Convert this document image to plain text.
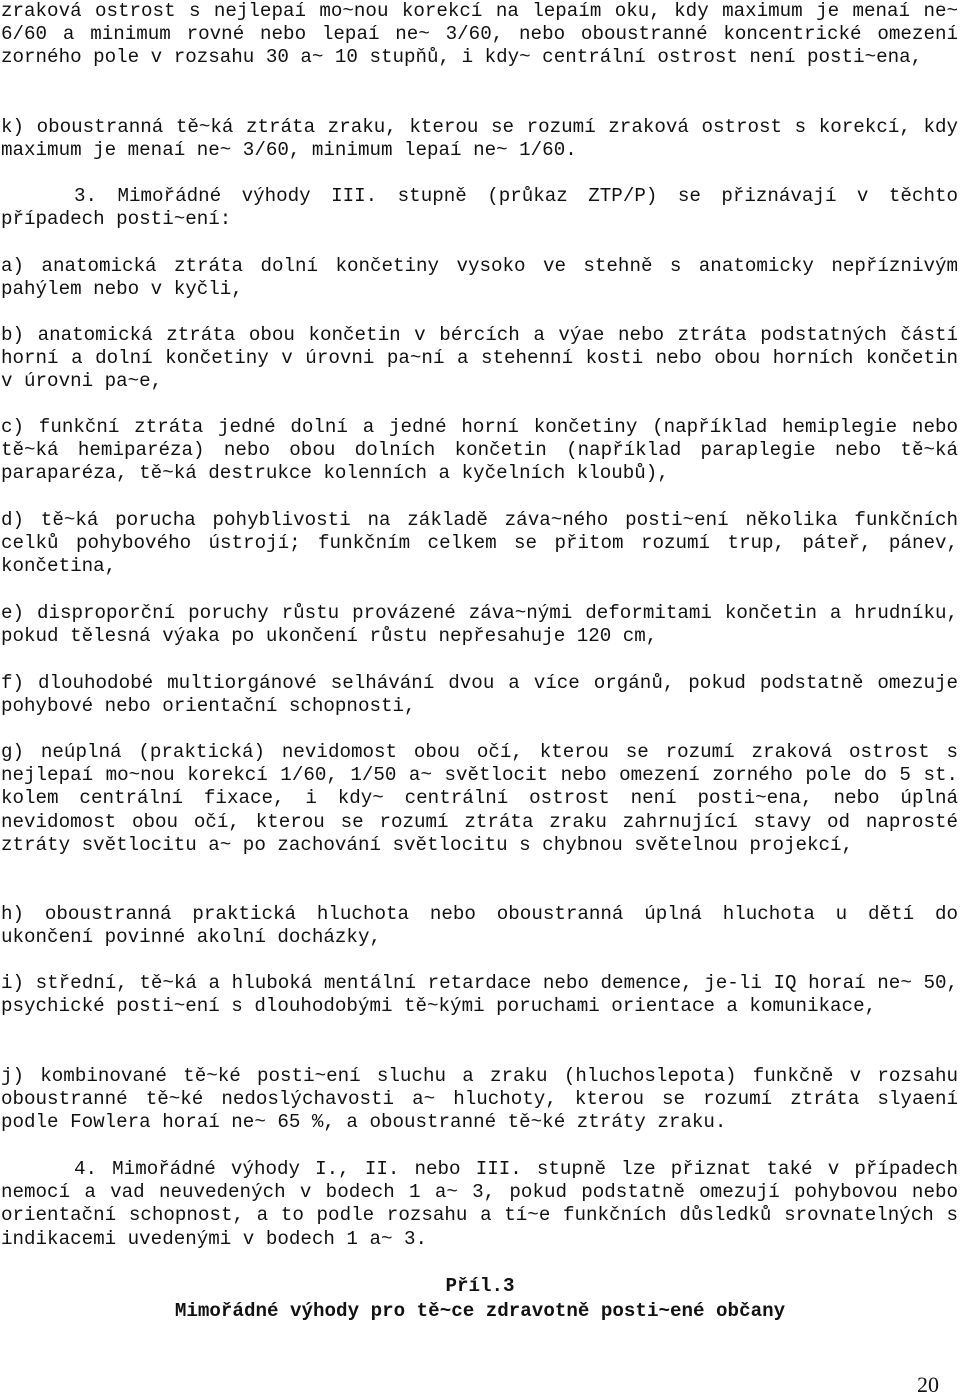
zraková ostrost s nejlepaí mo~nou korekcí na lepaím oku, kdy maximum je menaí ne~ 6/60 a minimum rovné nebo lepaí ne~ 3/60, nebo oboustranné koncentrické omezení zorného pole v rozsahu 30 a~ 10 stupňů, i kdy~ centrální ostrost není posti~ena,

k) oboustranná tě~ká ztráta zraku, kterou se rozumí zraková ostrost s korekcí, kdy maximum je menaí ne~ 3/60, minimum lepaí ne~ 1/60.

3. Mimořádné výhody III. stupně (průkaz ZTP/P) se přiznávají v těchto případech posti~ení:

a) anatomická ztráta dolní končetiny vysoko ve stehně s anatomicky nepříznivým pahýlem nebo v kyčli,

b) anatomická ztráta obou končetin v bércích a výae nebo ztráta podstatných částí horní a dolní končetiny v úrovni pa~ní a stehenní kosti nebo obou horních končetin v úrovni pa~e,

c) funkční ztráta jedné dolní a jedné horní končetiny (například hemiplegie nebo tě~ká hemiparéza) nebo obou dolních končetin (například paraplegie nebo tě~ká paraparéza, tě~ká destrukce kolenních a kyčelních kloubů),

d) tě~ká porucha pohyblivosti na základě záva~ného posti~ení několika funkčních celků pohybového ústrojí; funkčním celkem se přitom rozumí trup, páteř, pánev, končetina,

e) disproporční poruchy růstu provázené záva~nými deformitami končetin a hrudníku, pokud tělesná výaka po ukončení růstu nepřesahuje 120 cm,

f) dlouhodobé multiorgánové selhávání dvou a více orgánů, pokud podstatně omezuje pohybové nebo orientační schopnosti,

g) neúplná (praktická) nevidomost obou očí, kterou se rozumí zraková ostrost s nejlepaí mo~nou korekcí 1/60, 1/50 a~ světlocit nebo omezení zorného pole do 5 st. kolem centrální fixace, i kdy~ centrální ostrost není posti~ena, nebo úplná nevidomost obou očí, kterou se rozumí ztráta zraku zahrnující stavy od naprosté ztráty světlocitu a~ po zachování světlocitu s chybnou světelnou projekcí,

h) oboustranná praktická hluchota nebo oboustranná úplná hluchota u dětí do ukončení povinné akolní docházky,

i) střední, tě~ká a hluboká mentální retardace nebo demence, je-li IQ horaí ne~ 50, psychické posti~ení s dlouhodobými tě~kými poruchami orientace a komunikace,

j) kombinované tě~ké posti~ení sluchu a zraku (hluchoslepota) funkčně v rozsahu oboustranné tě~ké nedoslýchavosti a~ hluchoty, kterou se rozumí ztráta slyaení podle Fowlera horaí ne~ 65 %, a oboustranné tě~ké ztráty zraku.

4. Mimořádné výhody I., II. nebo III. stupně lze přiznat také v případech nemocí a vad neuvedených v bodech 1 a~ 3, pokud podstatně omezují pohybovou nebo orientační schopnost, a to podle rozsahu a tí~e funkčních důsledků srovnatelných s indikacemi uvedenými v bodech 1 a~ 3.

Příl.3

Mimořádné výhody pro tě~ce zdravotně posti~ené občany

20
